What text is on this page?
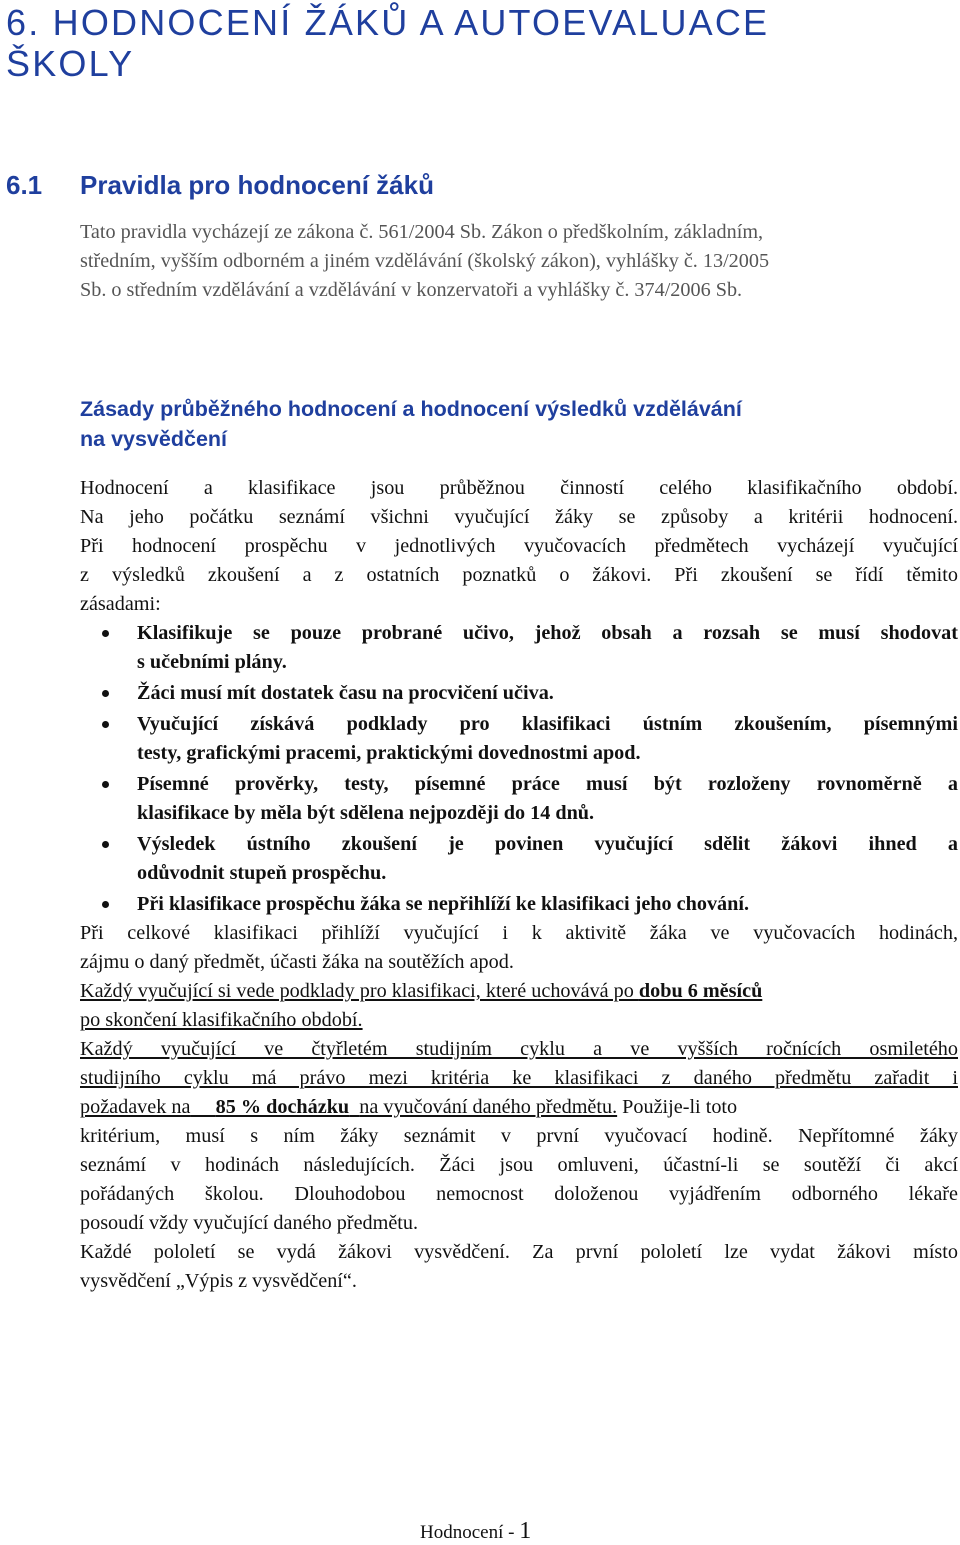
6. HODNOCENÍ ŽÁKŮ A AUTOEVALUACE ŠKOLY
6.1 Pravidla pro hodnocení žáků
Tato pravidla vycházejí ze zákona č. 561/2004 Sb. Zákon o předškolním, základním,
středním, vyšším odborném a jiném vzdělávání (školský zákon), vyhlášky č. 13/2005
Sb. o středním vzdělávání a vzdělávání v konzervatoři a vyhlášky č. 374/2006 Sb.
Zásady průběžného hodnocení a hodnocení výsledků vzdělávání
na vysvědčení
Hodnocení a klasifikace jsou průběžnou činností celého klasifikačního období.
Na jeho počátku seznámí všichni vyučující žáky se způsoby a kritérii hodnocení.
Při hodnocení prospěchu v jednotlivých vyučovacích předmětech vycházejí vyučující
z výsledků zkoušení a z ostatních poznatků o žákovi. Při zkoušení se řídí těmito
zásadami:
Klasifikuje se pouze probrané učivo, jehož obsah a rozsah se musí shodovat
s učebními plány.
Žáci musí mít dostatek času na procvičení učiva.
Vyučující získává podklady pro klasifikaci ústním zkoušením, písemnými
testy, grafickými pracemi, praktickými dovednostmi apod.
Písemné prověrky, testy, písemné práce musí být rozloženy rovnoměrně a
klasifikace by měla být sdělena nejpozději do 14 dnů.
Výsledek ústního zkoušení je povinen vyučující sdělit žákovi ihned a
odůvodnit stupeň prospěchu.
Při klasifikace prospěchu žáka se nepřihlíží ke klasifikaci jeho chování.
Při celkové klasifikaci přihlíží vyučující i k aktivitě žáka ve vyučovacích hodinách,
zájmu o daný předmět, účasti žáka na soutěžích apod.
Každý vyučující si vede podklady pro klasifikaci, které uchovává po dobu 6 měsíců
po skončení klasifikačního období.
Každý vyučující ve čtyřletém studijním cyklu a ve vyšších ročnících osmiletého
studijního cyklu má právo mezi kritéria ke klasifikaci z daného předmětu zařadit i
požadavek na 85 % docházku na vyučování daného předmětu. Použije-li toto
kritérium, musí s ním žáky seznámit v první vyučovací hodině. Nepřítomné žáky
seznámí v hodinách následujících. Žáci jsou omluveni, účastní-li se soutěží či akcí
pořádaných školou. Dlouhodobou nemocnost doloženou vyjádřením odborného lékaře
posoudí vždy vyučující daného předmětu.
Každé pololetí se vydá žákovi vysvědčení. Za první pololetí lze vydat žákovi místo
vysvědčení „Výpis z vysvědčení“.
Hodnocení - 1
